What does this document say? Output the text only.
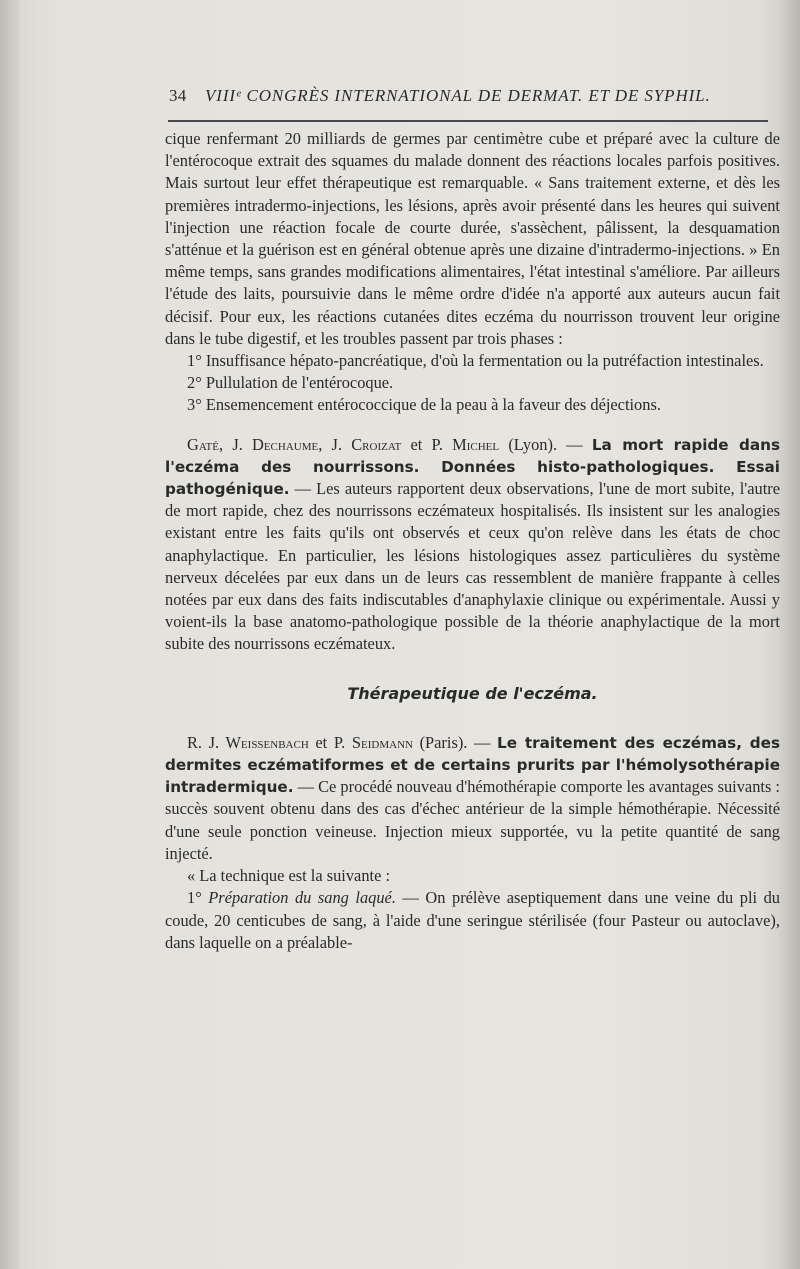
34 VIIIᵉ CONGRÈS INTERNATIONAL DE DERMAT. ET DE SYPHIL.

cique renfermant 20 milliards de germes par centimètre cube et préparé avec la culture de l'entérocoque extrait des squames du malade donnent des réactions locales parfois positives. Mais surtout leur effet thérapeutique est remarquable. « Sans traitement externe, et dès les premières intradermo-injections, les lésions, après avoir présenté dans les heures qui suivent l'injection une réaction focale de courte durée, s'assèchent, pâlissent, la desquamation s'atténue et la guérison est en général obtenue après une dizaine d'intradermo-injections. » En même temps, sans grandes modifications alimentaires, l'état intestinal s'améliore. Par ailleurs l'étude des laits, poursuivie dans le même ordre d'idée n'a apporté aux auteurs aucun fait décisif. Pour eux, les réactions cutanées dites eczéma du nourrisson trouvent leur origine dans le tube digestif, et les troubles passent par trois phases :

1° Insuffisance hépato-pancréatique, d'où la fermentation ou la putréfaction intestinales.

2° Pullulation de l'entérocoque.

3° Ensemencement entérococcique de la peau à la faveur des déjections.

Gaté, J. Dechaume, J. Croizat et P. Michel (Lyon). — La mort rapide dans l'eczéma des nourrissons. Données histo-pathologiques. Essai pathogénique. — Les auteurs rapportent deux observations, l'une de mort subite, l'autre de mort rapide, chez des nourrissons eczémateux hospitalisés. Ils insistent sur les analogies existant entre les faits qu'ils ont observés et ceux qu'on relève dans les états de choc anaphylactique. En particulier, les lésions histologiques assez particulières du système nerveux décelées par eux dans un de leurs cas ressemblent de manière frappante à celles notées par eux dans des faits indiscutables d'anaphylaxie clinique ou expérimentale. Aussi y voient-ils la base anatomo-pathologique possible de la théorie anaphylactique de la mort subite des nourrissons eczémateux.

Thérapeutique de l'eczéma.

R. J. Weissenbach et P. Seidmann (Paris). — Le traitement des eczémas, des dermites eczématiformes et de certains prurits par l'hémolysothérapie intradermique. — Ce procédé nouveau d'hémothérapie comporte les avantages suivants : succès souvent obtenu dans des cas d'échec antérieur de la simple hémothérapie. Nécessité d'une seule ponction veineuse. Injection mieux supportée, vu la petite quantité de sang injecté.

« La technique est la suivante :

1° Préparation du sang laqué. — On prélève aseptiquement dans une veine du pli du coude, 20 centicubes de sang, à l'aide d'une seringue stérilisée (four Pasteur ou autoclave), dans laquelle on a préalable-
